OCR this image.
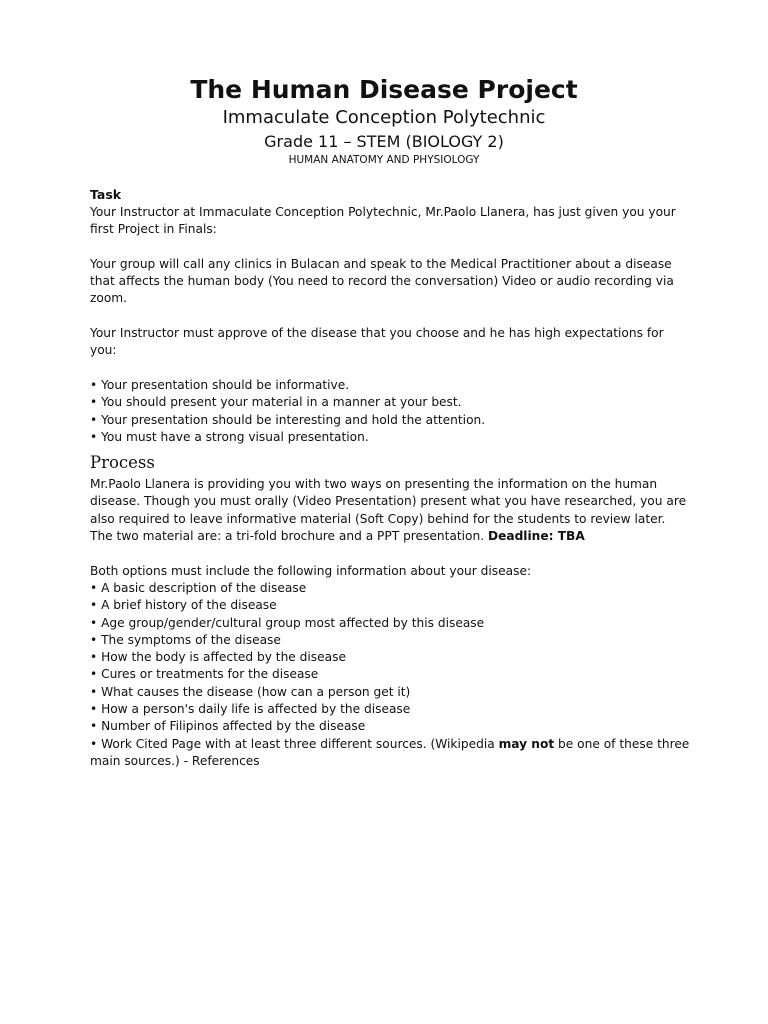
The Human Disease Project
Immaculate Conception Polytechnic
Grade 11 – STEM (BIOLOGY 2)
HUMAN ANATOMY AND PHYSIOLOGY
Task

Your Instructor at Immaculate Conception Polytechnic, Mr.Paolo Llanera, has just given you your first Project in Finals:

Your group will call any clinics in Bulacan and speak to the Medical Practitioner about a disease that affects the human body (You need to record the conversation) Video or audio recording via zoom.

Your Instructor must approve of the disease that you choose and he has high expectations for you:

• Your presentation should be informative.
• You should present your material in a manner at your best.
• Your presentation should be interesting and hold the attention.
• You must have a strong visual presentation.
Process

Mr.Paolo Llanera is providing you with two ways on presenting the information on the human disease. Though you must orally (Video Presentation) present what you have researched, you are also required to leave informative material (Soft Copy) behind for the students to review later. The two material are: a tri-fold brochure and a PPT presentation. Deadline: TBA

Both options must include the following information about your disease:

• A basic description of the disease
• A brief history of the disease
• Age group/gender/cultural group most affected by this disease
• The symptoms of the disease
• How the body is affected by the disease
• Cures or treatments for the disease
• What causes the disease (how can a person get it)
• How a person's daily life is affected by the disease
• Number of Filipinos affected by the disease
• Work Cited Page with at least three different sources. (Wikipedia may not be one of these three main sources.) - References
